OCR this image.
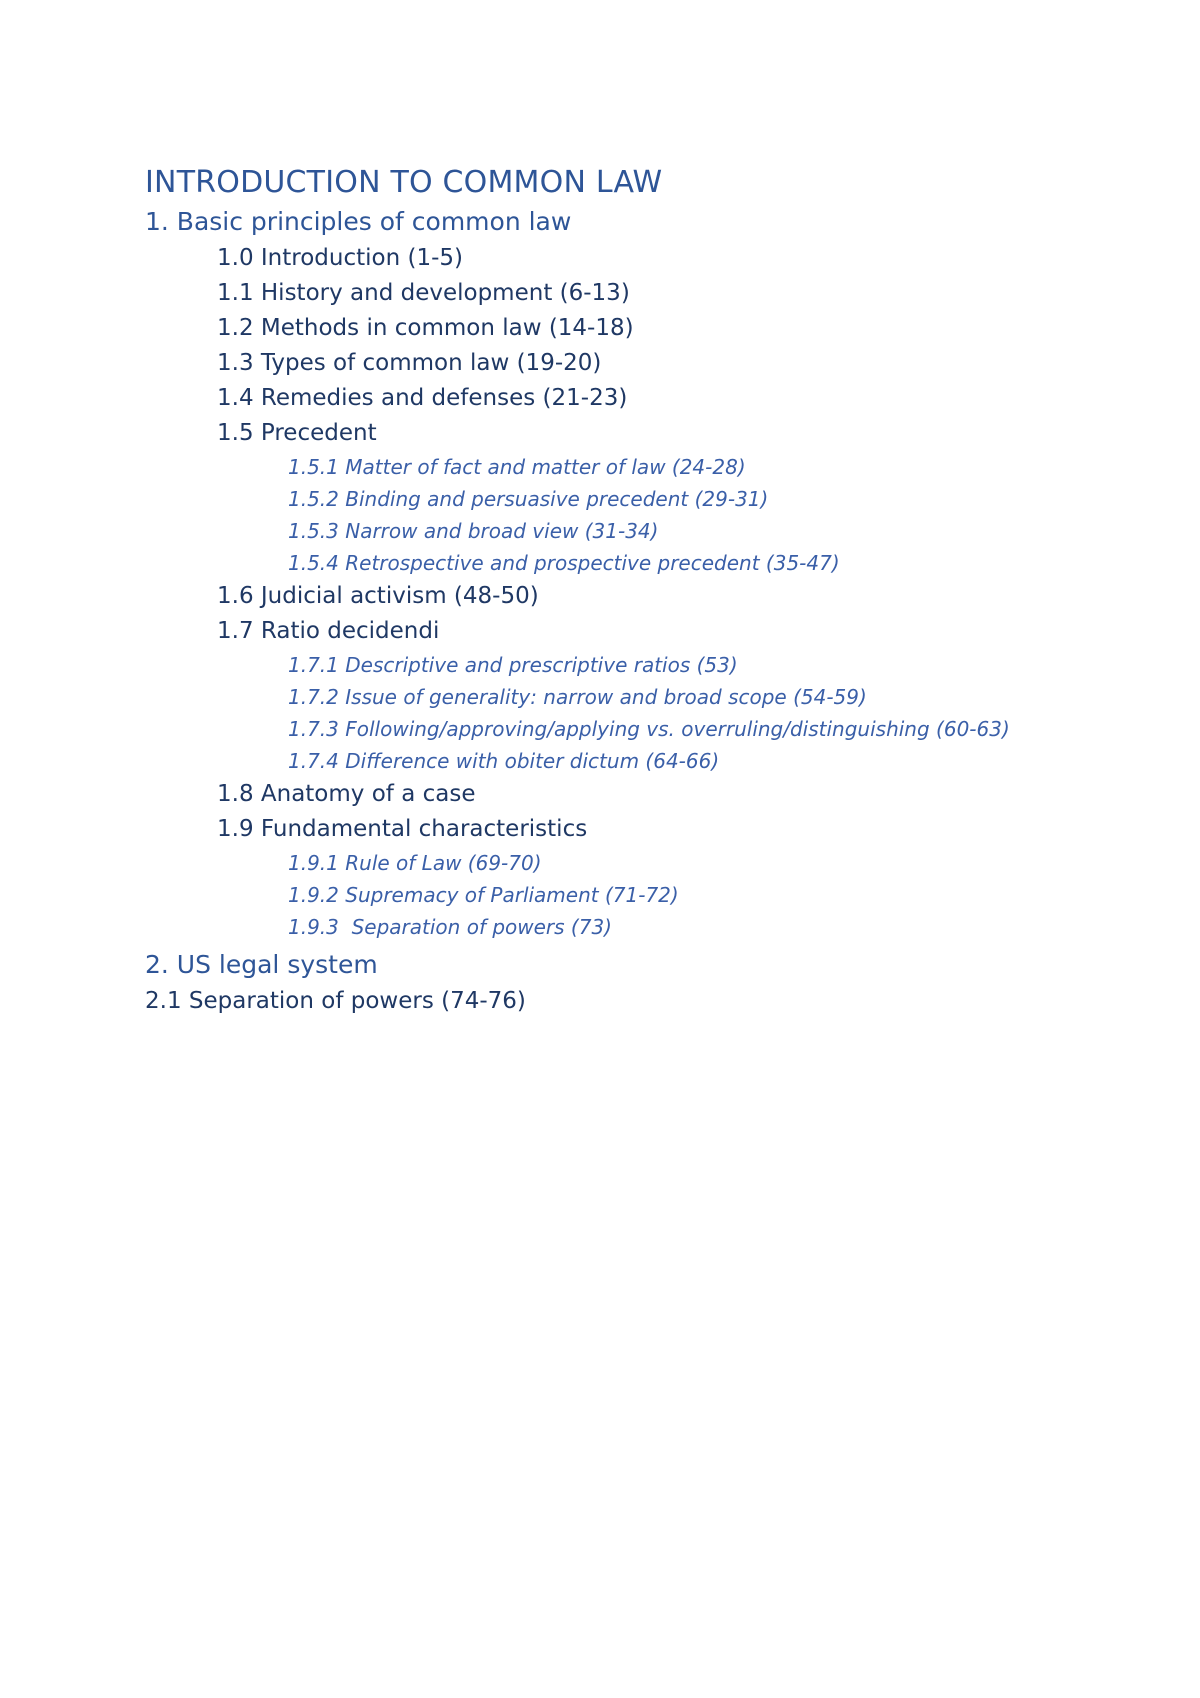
INTRODUCTION TO COMMON LAW
1. Basic principles of common law
1.0 Introduction (1-5)
1.1 History and development (6-13)
1.2 Methods in common law (14-18)
1.3 Types of common law (19-20)
1.4 Remedies and defenses (21-23)
1.5 Precedent
1.5.1 Matter of fact and matter of law (24-28)
1.5.2 Binding and persuasive precedent (29-31)
1.5.3 Narrow and broad view (31-34)
1.5.4 Retrospective and prospective precedent (35-47)
1.6 Judicial activism (48-50)
1.7 Ratio decidendi
1.7.1 Descriptive and prescriptive ratios (53)
1.7.2 Issue of generality: narrow and broad scope (54-59)
1.7.3 Following/approving/applying vs. overruling/distinguishing (60-63)
1.7.4 Difference with obiter dictum (64-66)
1.8 Anatomy of a case
1.9 Fundamental characteristics
1.9.1 Rule of Law (69-70)
1.9.2 Supremacy of Parliament (71-72)
1.9.3  Separation of powers (73)
2. US legal system
2.1 Separation of powers (74-76)
